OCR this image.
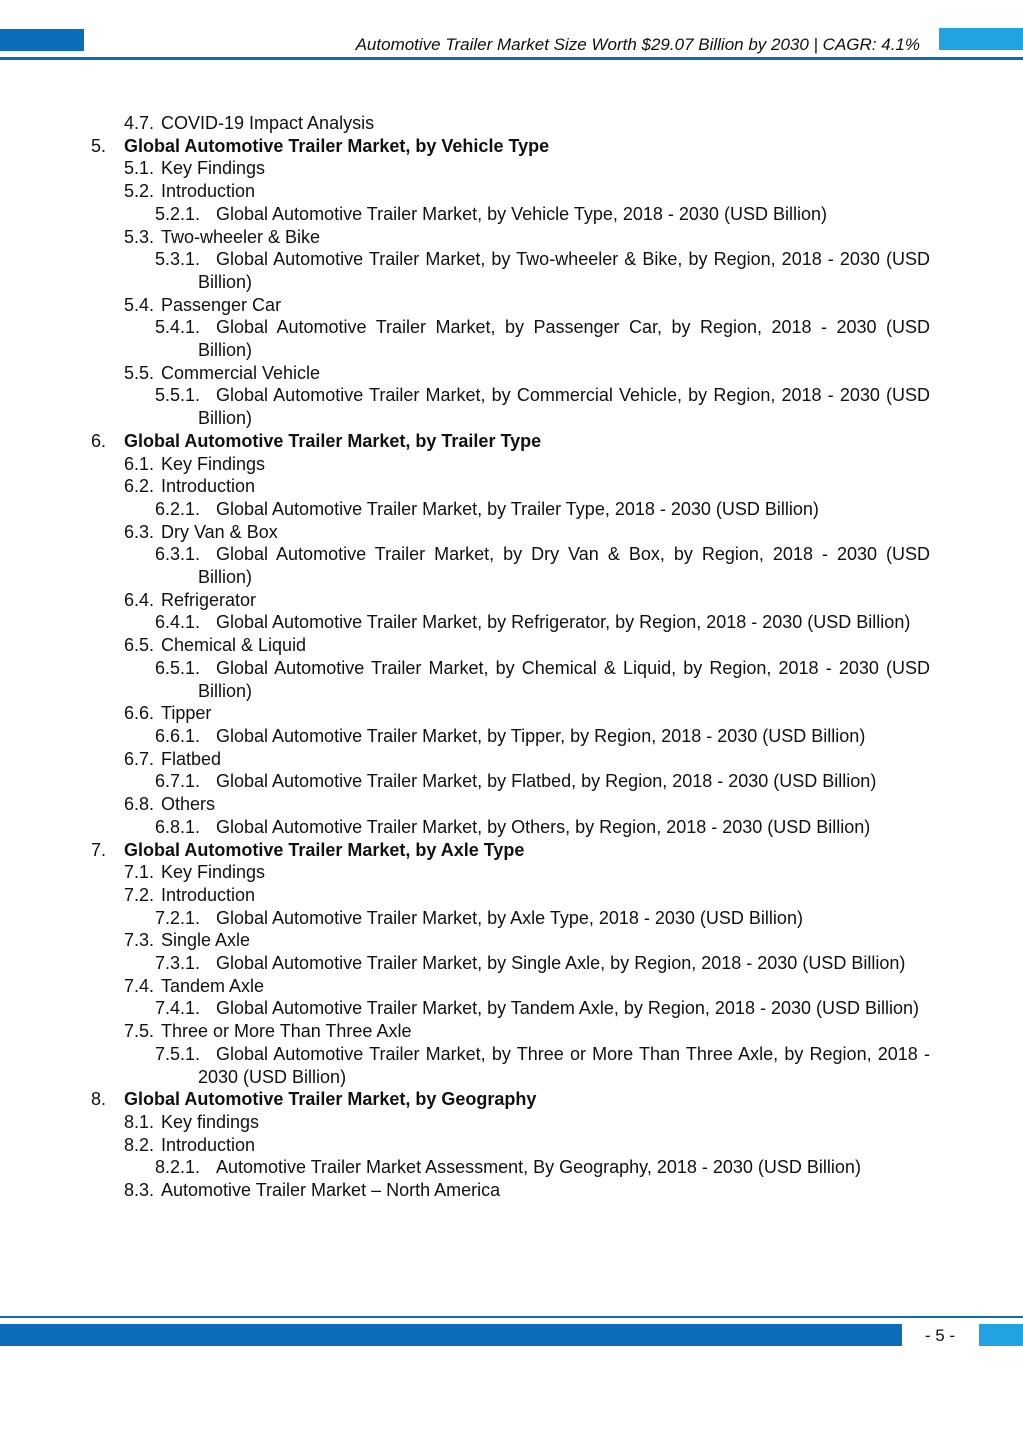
Automotive Trailer Market Size Worth $29.07 Billion by 2030 | CAGR: 4.1%
4.7. COVID-19 Impact Analysis
5. Global Automotive Trailer Market, by Vehicle Type
5.1. Key Findings
5.2. Introduction
5.2.1. Global Automotive Trailer Market, by Vehicle Type, 2018 - 2030 (USD Billion)
5.3. Two-wheeler & Bike
5.3.1. Global Automotive Trailer Market, by Two-wheeler & Bike, by Region, 2018 - 2030 (USD Billion)
5.4. Passenger Car
5.4.1. Global Automotive Trailer Market, by Passenger Car, by Region, 2018 - 2030 (USD Billion)
5.5. Commercial Vehicle
5.5.1. Global Automotive Trailer Market, by Commercial Vehicle, by Region, 2018 - 2030 (USD Billion)
6. Global Automotive Trailer Market, by Trailer Type
6.1. Key Findings
6.2. Introduction
6.2.1. Global Automotive Trailer Market, by Trailer Type, 2018 - 2030 (USD Billion)
6.3. Dry Van & Box
6.3.1. Global Automotive Trailer Market, by Dry Van & Box, by Region, 2018 - 2030 (USD Billion)
6.4. Refrigerator
6.4.1. Global Automotive Trailer Market, by Refrigerator, by Region, 2018 - 2030 (USD Billion)
6.5. Chemical & Liquid
6.5.1. Global Automotive Trailer Market, by Chemical & Liquid, by Region, 2018 - 2030 (USD Billion)
6.6. Tipper
6.6.1. Global Automotive Trailer Market, by Tipper, by Region, 2018 - 2030 (USD Billion)
6.7. Flatbed
6.7.1. Global Automotive Trailer Market, by Flatbed, by Region, 2018 - 2030 (USD Billion)
6.8. Others
6.8.1. Global Automotive Trailer Market, by Others, by Region, 2018 - 2030 (USD Billion)
7. Global Automotive Trailer Market, by Axle Type
7.1. Key Findings
7.2. Introduction
7.2.1. Global Automotive Trailer Market, by Axle Type, 2018 - 2030 (USD Billion)
7.3. Single Axle
7.3.1. Global Automotive Trailer Market, by Single Axle, by Region, 2018 - 2030 (USD Billion)
7.4. Tandem Axle
7.4.1. Global Automotive Trailer Market, by Tandem Axle, by Region, 2018 - 2030 (USD Billion)
7.5. Three or More Than Three Axle
7.5.1. Global Automotive Trailer Market, by Three or More Than Three Axle, by Region, 2018 - 2030 (USD Billion)
8. Global Automotive Trailer Market, by Geography
8.1. Key findings
8.2. Introduction
8.2.1. Automotive Trailer Market Assessment, By Geography, 2018 - 2030 (USD Billion)
8.3. Automotive Trailer Market – North America
- 5 -
